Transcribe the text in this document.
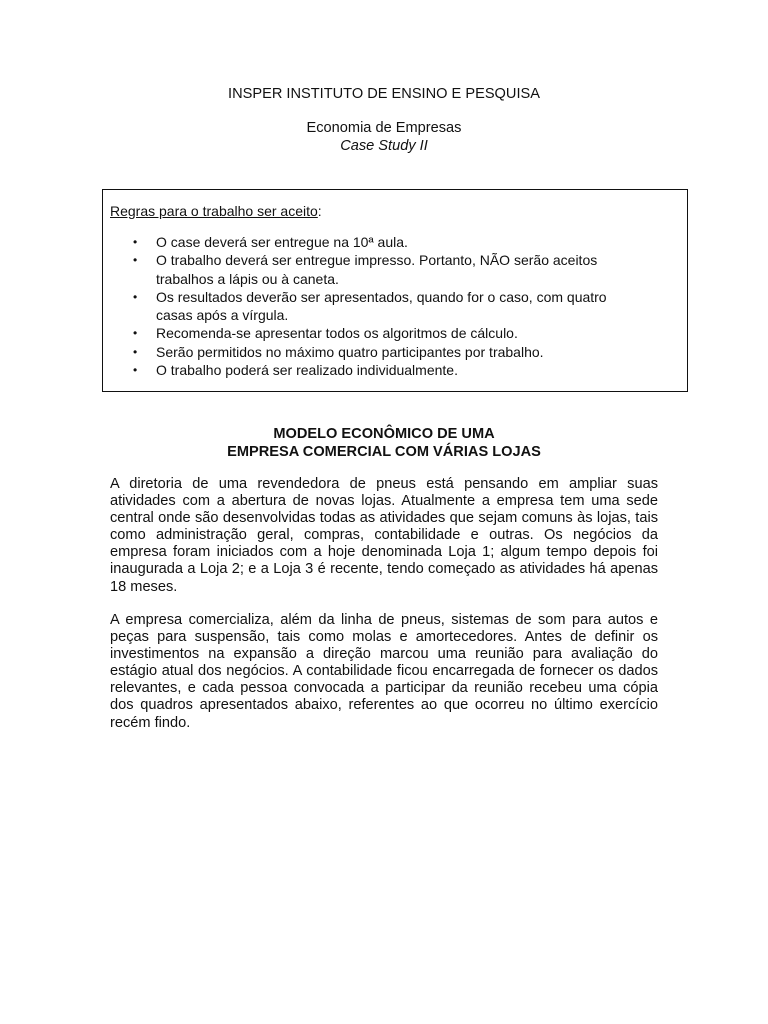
INSPER INSTITUTO DE ENSINO E PESQUISA
Economia de Empresas
Case Study II
Regras para o trabalho ser aceito:
• O case deverá ser entregue na 10ª aula.
• O trabalho deverá ser entregue impresso. Portanto, NÃO serão aceitos trabalhos a lápis ou à caneta.
• Os resultados deverão ser apresentados, quando for o caso, com quatro casas após a vírgula.
• Recomenda-se apresentar todos os algoritmos de cálculo.
• Serão permitidos no máximo quatro participantes por trabalho.
• O trabalho poderá ser realizado individualmente.
MODELO ECONÔMICO DE UMA
EMPRESA COMERCIAL COM VÁRIAS LOJAS

A diretoria de uma revendedora de pneus está pensando em ampliar suas atividades com a abertura de novas lojas. Atualmente a empresa tem uma sede central onde são desenvolvidas todas as atividades que sejam comuns às lojas, tais como administração geral, compras, contabilidade e outras. Os negócios da empresa foram iniciados com a hoje denominada Loja 1; algum tempo depois foi inaugurada a Loja 2; e a Loja 3 é recente, tendo começado as atividades há apenas 18 meses.

A empresa comercializa, além da linha de pneus, sistemas de som para autos e peças para suspensão, tais como molas e amortecedores. Antes de definir os investimentos na expansão a direção marcou uma reunião para avaliação do estágio atual dos negócios. A contabilidade ficou encarregada de fornecer os dados relevantes, e cada pessoa convocada a participar da reunião recebeu uma cópia dos quadros apresentados abaixo, referentes ao que ocorreu no último exercício recém findo.
